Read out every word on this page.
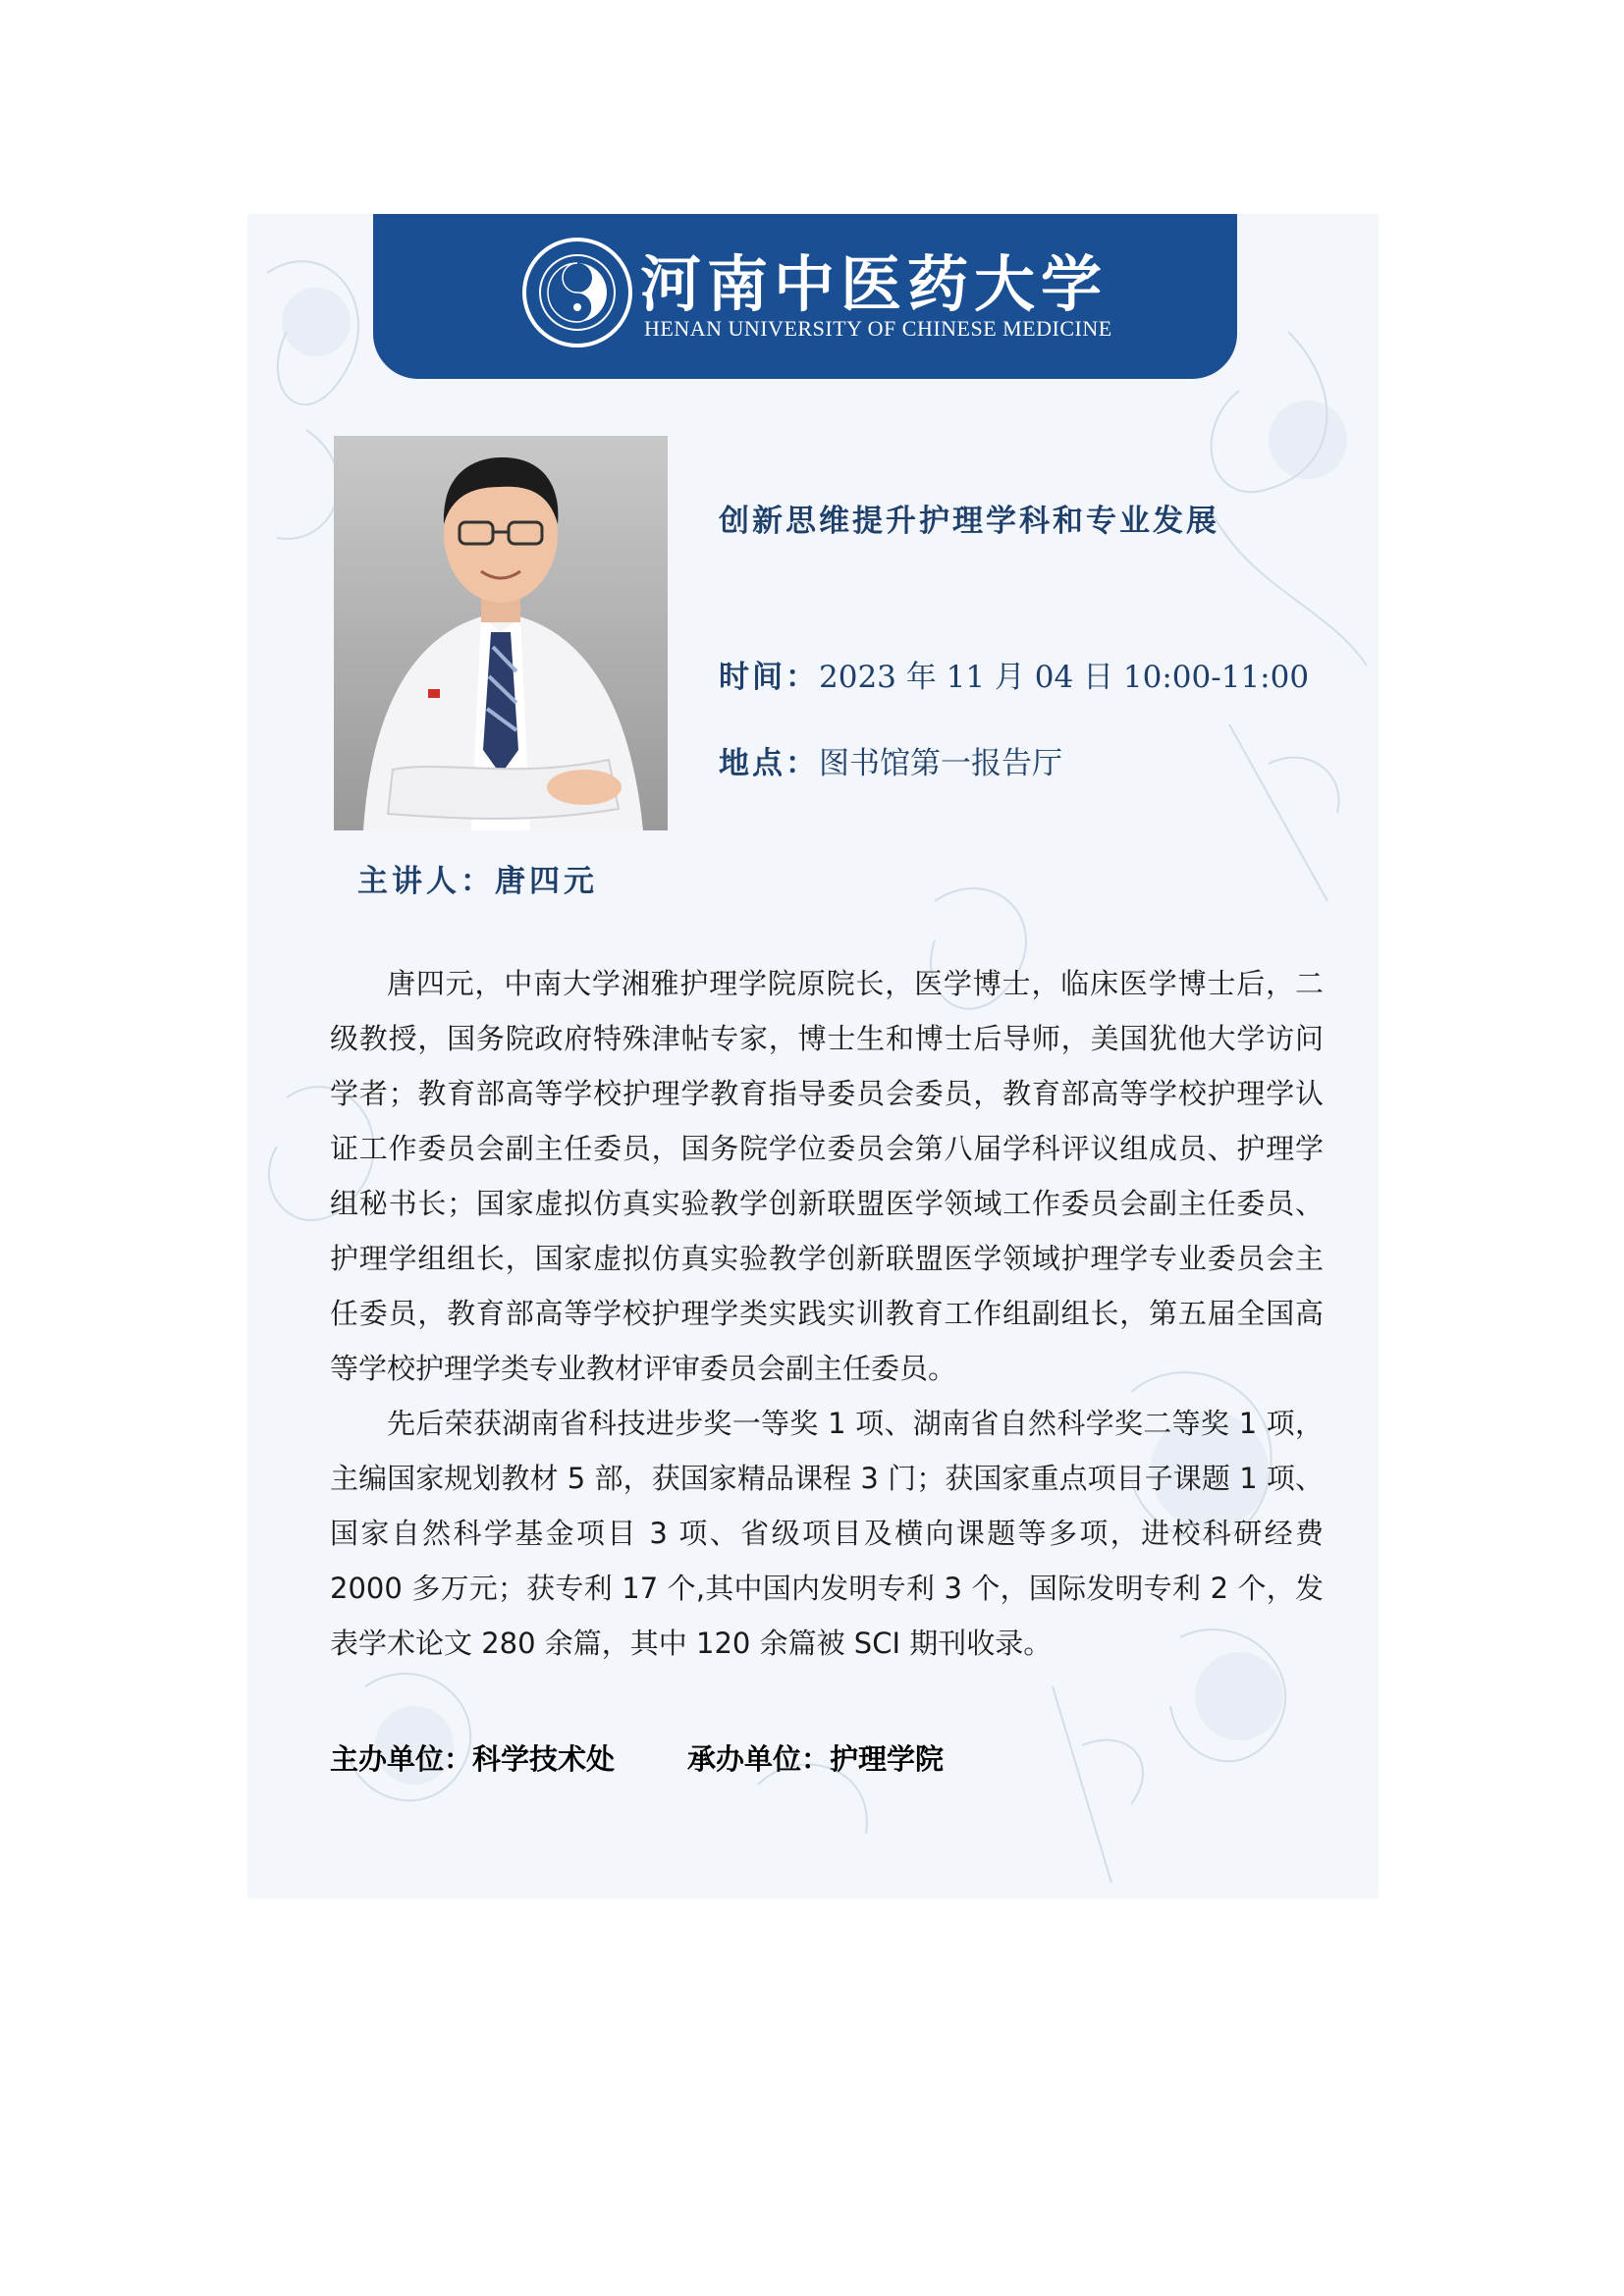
河南中医药大学
HENAN UNIVERSITY OF CHINESE MEDICINE
主讲人：唐四元
创新思维提升护理学科和专业发展
时间：2023 年 11 月 04 日 10:00-11:00
地点：图书馆第一报告厅

唐四元，中南大学湘雅护理学院原院长，医学博士，临床医学博士后，二级教授，国务院政府特殊津帖专家，博士生和博士后导师，美国犹他大学访问学者；教育部高等学校护理学教育指导委员会委员，教育部高等学校护理学认证工作委员会副主任委员，国务院学位委员会第八届学科评议组成员、护理学组秘书长；国家虚拟仿真实验教学创新联盟医学领域工作委员会副主任委员、护理学组组长，国家虚拟仿真实验教学创新联盟医学领域护理学专业委员会主任委员，教育部高等学校护理学类实践实训教育工作组副组长，第五届全国高等学校护理学类专业教材评审委员会副主任委员。

先后荣获湖南省科技进步奖一等奖 1 项、湖南省自然科学奖二等奖 1 项，主编国家规划教材 5 部，获国家精品课程 3 门；获国家重点项目子课题 1 项、国家自然科学基金项目 3 项、省级项目及横向课题等多项，进校科研经费 2000 多万元；获专利 17 个,其中国内发明专利 3 个，国际发明专利 2 个，发表学术论文 280 余篇，其中 120 余篇被 SCI 期刊收录。

主办单位：科学技术处	承办单位：护理学院
